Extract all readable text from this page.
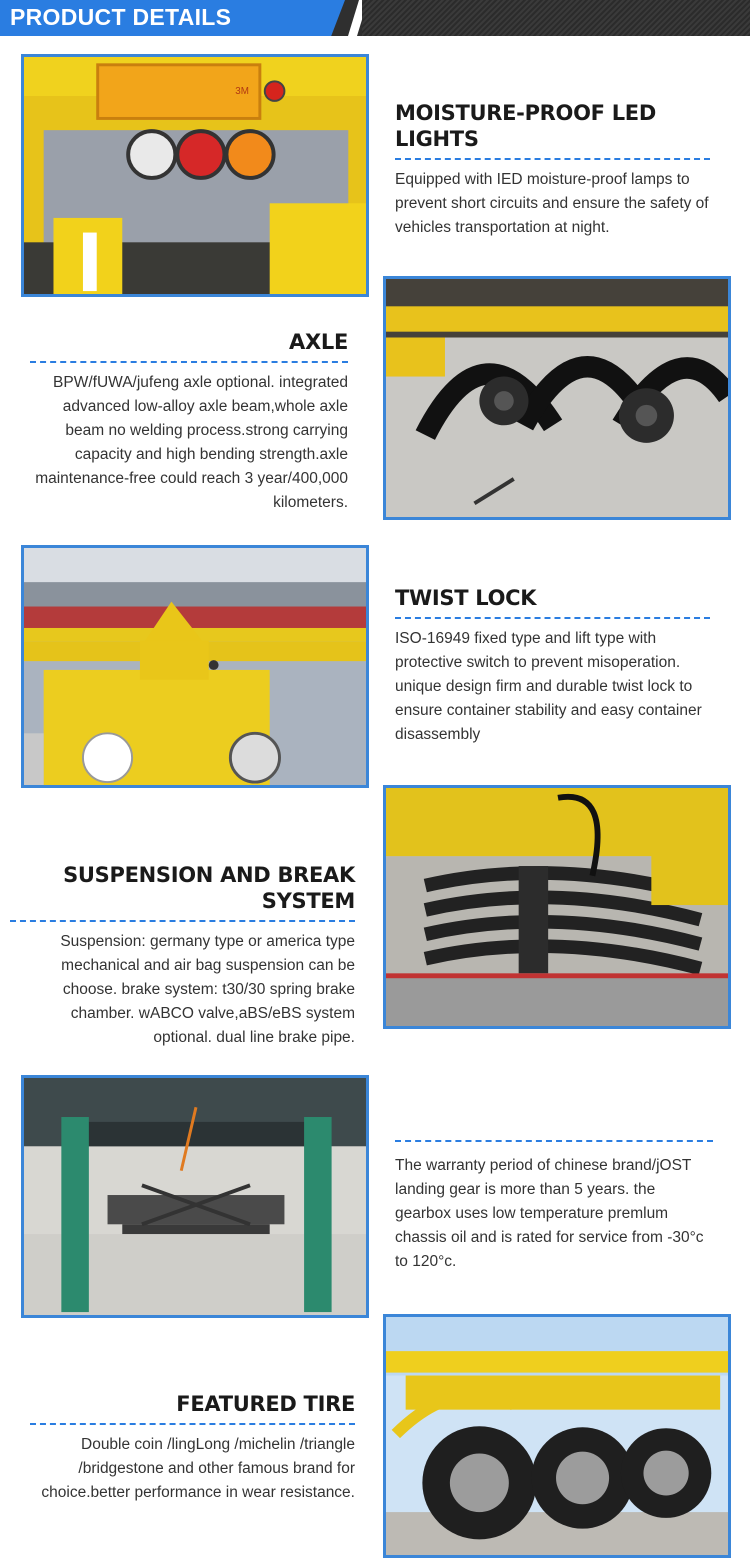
PRODUCT DETAILS
3M
MOISTURE-PROOF LED LIGHTS
Equipped with IED moisture-proof lamps to prevent short circuits and ensure the safety of vehicles transportation at night.
AXLE
BPW/fUWA/jufeng axle optional. integrated advanced low-alloy axle beam,whole axle beam no welding process.strong carrying capacity and high bending strength.axle maintenance-free could reach 3 year/400,000 kilometers.
TWIST LOCK
ISO-16949 fixed type and lift type with protective switch to prevent misoperation. unique design firm and durable twist lock to ensure container stability and easy container disassembly
SUSPENSION AND BREAK SYSTEM
Suspension: germany type or america type mechanical and air bag suspension can be choose. brake system: t30/30 spring brake chamber. wABCO valve,aBS/eBS system optional. dual line brake pipe.
The warranty period of chinese brand/jOST landing gear is more than 5 years. the gearbox uses low temperature premlum chassis oil and is rated for service from -30°c to 120°c.
FEATURED TIRE
Double coin /lingLong /michelin /triangle /bridgestone and other famous brand for choice.better performance in wear resistance.
